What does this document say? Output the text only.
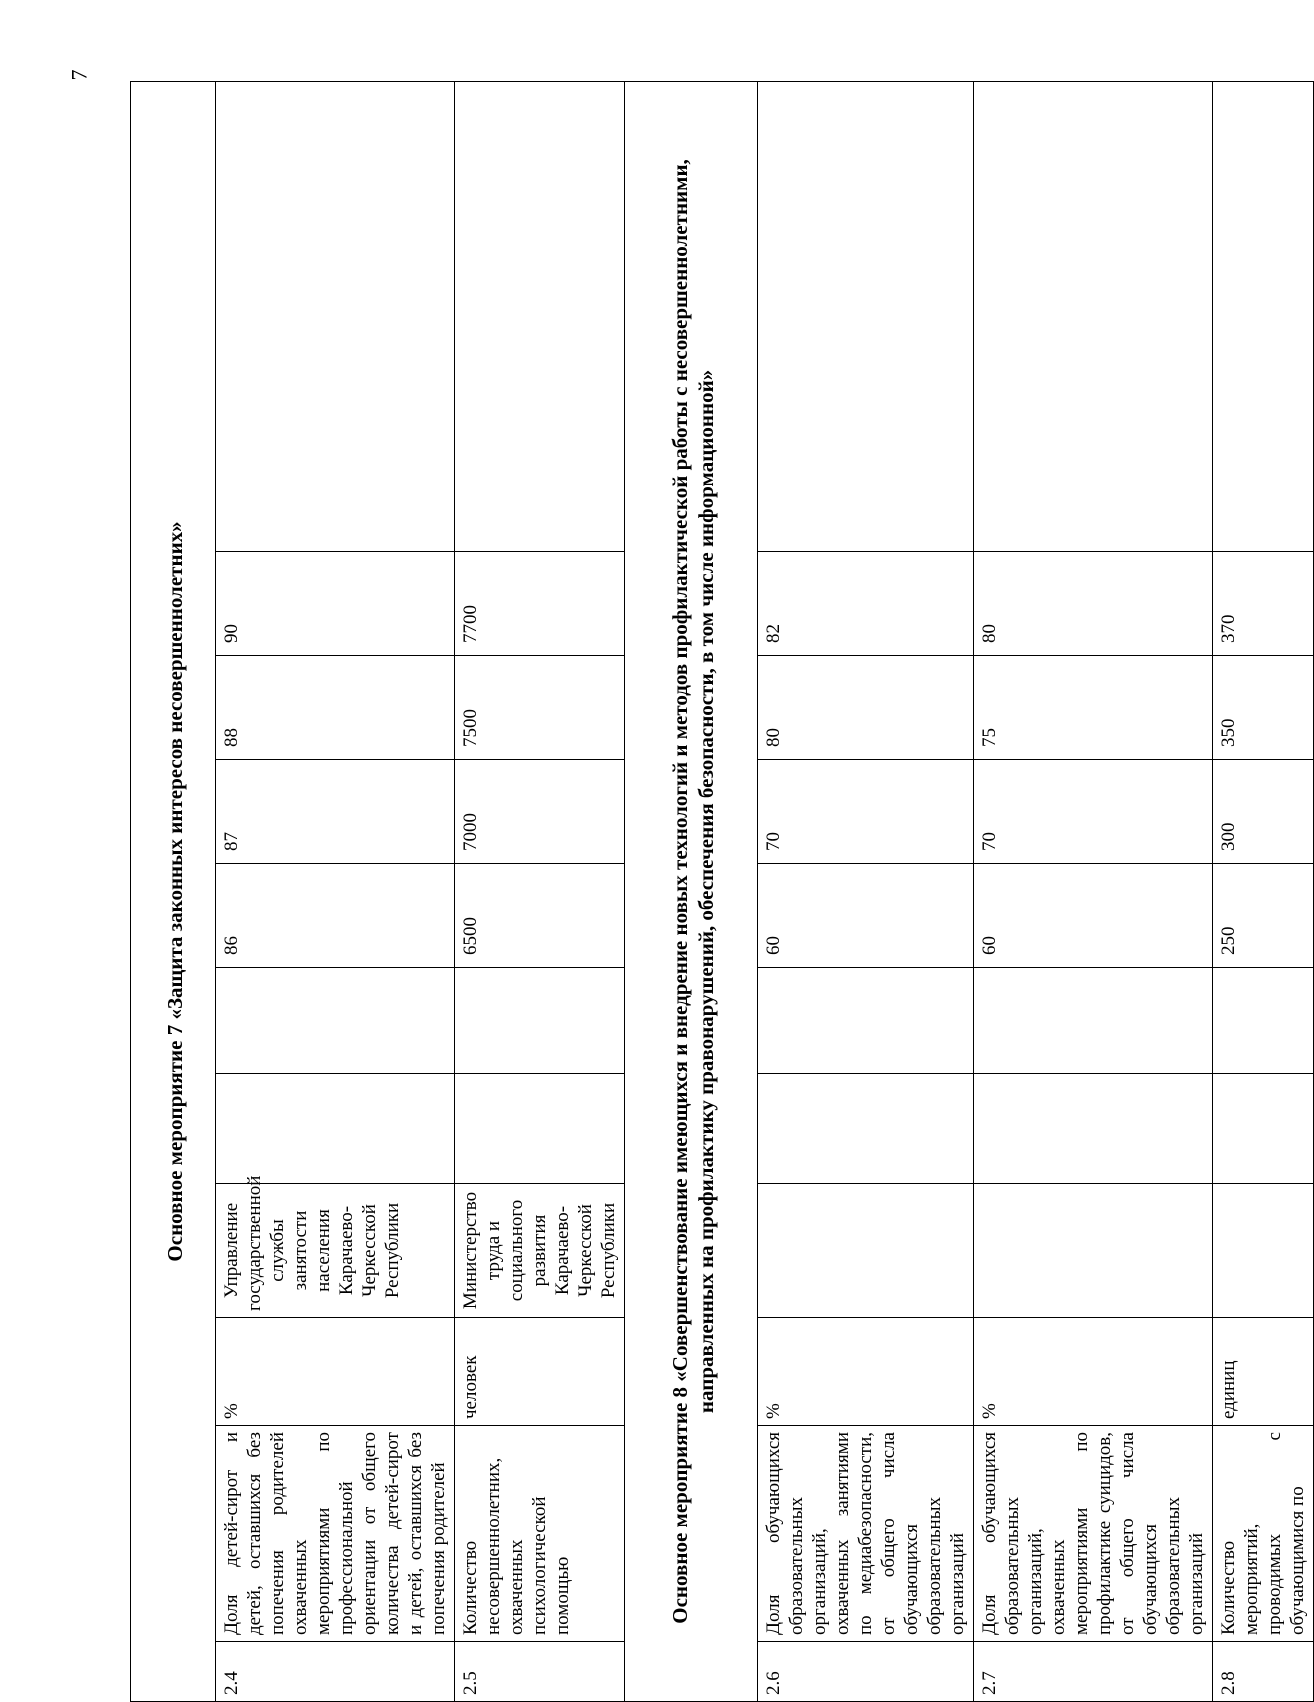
7
Основное мероприятие 7 «Защита законных интересов несовершеннолетних»										
2.4	Доля детей-сирот и детей, оставшихся без попечения родителей охваченных мероприятиями по профессиональной ориентации от общего количества детей-сирот и детей, оставшихся без попечения родителей	%	Управление государственной службы занятости населения Карачаево-Черкесской Республики			86	87	88	90	
2.5	Количество несовершеннолетних, охваченных психологической помощью	человек	Министерство труда и социального развития Карачаево-Черкесской Республики			6500	7000	7500	7700	
Основное мероприятие 8 «Совершенствование имеющихся и внедрение новых технологий и методов профилактической работы с несовершеннолетними, направленных на профилактику правонарушений, обеспечения безопасности, в том числе информационной»										
2.6	Доля обучающихся образовательных организаций, охваченных занятиями по медиабезопасности, от общего числа обучающихся образовательных организаций	%				60	70	80	82	
2.7	Доля обучающихся образовательных организаций, охваченных мероприятиями по профилактике суицидов, от общего числа обучающихся образовательных организаций	%				60	70	75	80	
2.8	Количество мероприятий, проводимых с обучающимися по	единиц				250	300	350	370	
